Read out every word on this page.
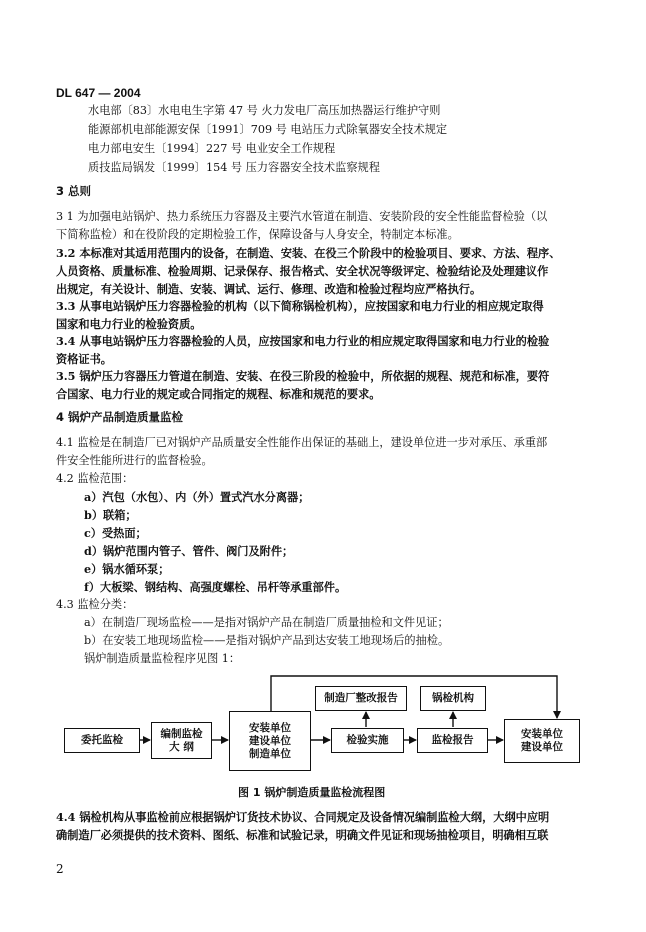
DL 647 — 2004
水电部〔83〕水电电生字第 47 号 火力发电厂高压加热器运行维护守则
能源部机电部能源安保〔1991〕709 号 电站压力式除氧器安全技术规定
电力部电安生〔1994〕227 号 电业安全工作规程
质技监局锅发〔1999〕154 号 压力容器安全技术监察规程
3 总则
3 1 为加强电站锅炉、热力系统压力容器及主要汽水管道在制造、安装阶段的安全性能监督检验（以
下简称监检）和在役阶段的定期检验工作，保障设备与人身安全，特制定本标准。
3.2 本标准对其适用范围内的设备，在制造、安装、在役三个阶段中的检验项目、要求、方法、程序、
人员资格、质量标准、检验周期、记录保存、报告格式、安全状况等级评定、检验结论及处理建议作
出规定，有关设计、制造、安装、调试、运行、修理、改造和检验过程均应严格执行。
3.3 从事电站锅炉压力容器检验的机构（以下简称锅检机构），应按国家和电力行业的相应规定取得
国家和电力行业的检验资质。
3.4 从事电站锅炉压力容器检验的人员，应按国家和电力行业的相应规定取得国家和电力行业的检验
资格证书。
3.5 锅炉压力容器压力管道在制造、安装、在役三阶段的检验中，所依据的规程、规范和标准，要符
合国家、电力行业的规定或合同指定的规程、标准和规范的要求。
4 锅炉产品制造质量监检
4.1 监检是在制造厂已对锅炉产品质量安全性能作出保证的基础上，建设单位进一步对承压、承重部
件安全性能所进行的监督检验。
4.2 监检范围：
a）汽包（水包）、内（外）置式汽水分离器；
b）联箱；
c）受热面；
d）锅炉范围内管子、管件、阀门及附件；
e）锅水循环泵；
f）大板梁、钢结构、高强度螺栓、吊杆等承重部件。
4.3 监检分类：
a）在制造厂现场监检——是指对锅炉产品在制造厂质量抽检和文件见证；
b）在安装工地现场监检——是指对锅炉产品到达安装工地现场后的抽检。
锅炉制造质量监检程序见图 1：
委托监检
编制监检
大 纲
安装单位
建设单位
制造单位
制造厂整改报告	锅检机构
检验实施	监检报告	安装单位
建设单位
图 1 锅炉制造质量监检流程图
4.4 锅检机构从事监检前应根据锅炉订货技术协议、合同规定及设备情况编制监检大纲，大纲中应明
确制造厂必须提供的技术资料、图纸、标准和试验记录，明确文件见证和现场抽检项目，明确相互联
2
